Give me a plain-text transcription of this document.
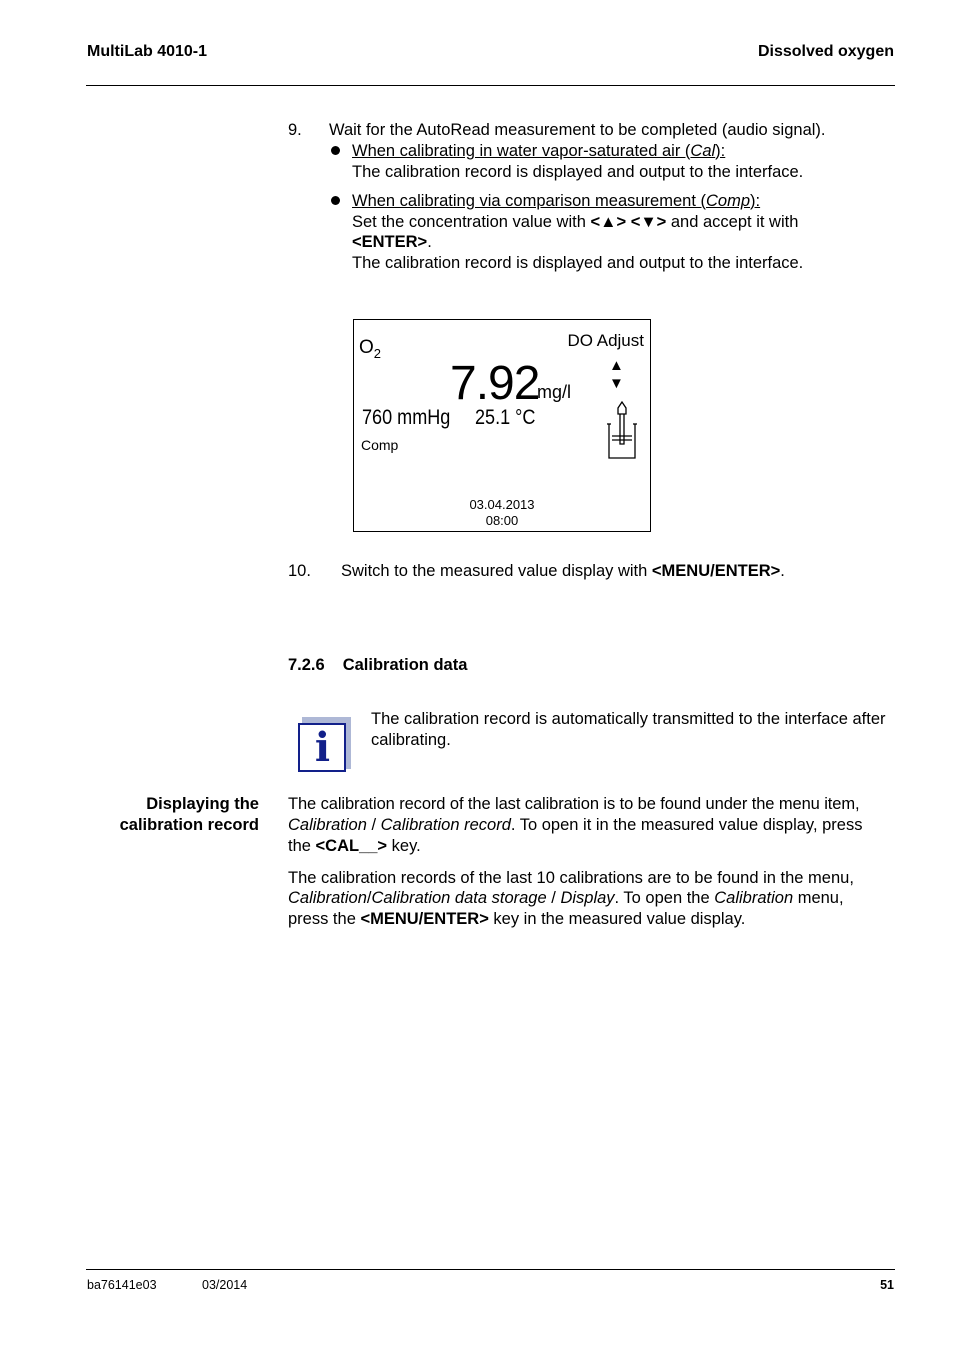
MultiLab 4010-1	Dissolved oxygen
9. Wait for the AutoRead measurement to be completed (audio signal).
When calibrating in water vapor-saturated air (Cal):
The calibration record is displayed and output to the interface.
When calibrating via comparison measurement (Comp):
Set the concentration value with <▲> <▼> and accept it with
<ENTER>.
The calibration record is displayed and output to the interface.
$O_2$
DO Adjust
7.92
mg/l
▲
▼
760 mmHg 25.1 °C
Comp
03.04.2013
08:00
10. Switch to the measured value display with <MENU/ENTER>.
7.2.6 Calibration data
i
The calibration record is automatically transmitted to the interface after calibrating.
Displaying the
calibration record
The calibration record of the last calibration is to be found under the menu item,
Calibration / Calibration record. To open it in the measured value display, press
the <CAL__> key.
The calibration records of the last 10 calibrations are to be found in the menu,
Calibration/Calibration data storage / Display. To open the Calibration menu,
press the <MENU/ENTER> key in the measured value display.
ba76141e03	03/2014	51
